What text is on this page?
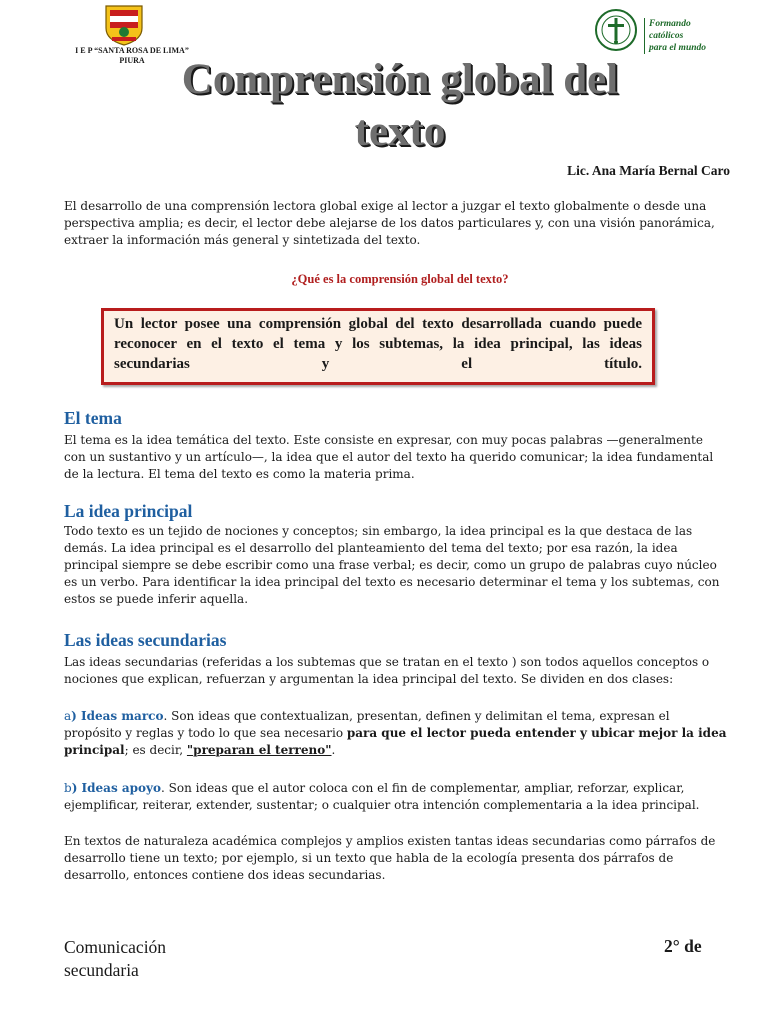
I E P “SANTA ROSA DE LIMA”
PIURA
Formando
católicos
para el mundo
Comprensión global del
texto
Lic. Ana María Bernal Caro

El desarrollo de una comprensión lectora global exige al lector a juzgar el texto globalmente o desde una perspectiva amplia; es decir, el lector debe alejarse de los datos particulares y, con una visión panorámica, extraer la información más general y sintetizada del texto.

¿Qué es la comprensión global del texto?

Un lector posee una comprensión global del texto desarrollada cuando puede reconocer en el texto el tema y los subtemas, la idea principal, las ideas secundarias y el título.

El tema

El tema es la idea temática del texto. Este consiste en expresar, con muy pocas palabras —generalmente con un sustantivo y un artículo—, la idea que el autor del texto ha querido comunicar; la idea fundamental de la lectura. El tema del texto es como la materia prima.

La idea principal

Todo texto es un tejido de nociones y conceptos; sin embargo, la idea principal es la que destaca de las demás. La idea principal es el desarrollo del planteamiento del tema del texto; por esa razón, la idea principal siempre se debe escribir como una frase verbal; es decir, como un grupo de palabras cuyo núcleo es un verbo. Para identificar la idea principal del texto es necesario determinar el tema y los subtemas, con estos se puede inferir aquella.

Las ideas secundarias

Las ideas secundarias (referidas a los subtemas que se tratan en el texto ) son todos aquellos conceptos o nociones que explican, refuerzan y argumentan la idea principal del texto. Se dividen en dos clases:

a) Ideas marco. Son ideas que contextualizan, presentan, definen y delimitan el tema, expresan el propósito y reglas y todo lo que sea necesario para que el lector pueda entender y ubicar mejor la idea principal; es decir, "preparan el terreno".

b) Ideas apoyo. Son ideas que el autor coloca con el fin de complementar, ampliar, reforzar, explicar, ejemplificar, reiterar, extender, sustentar; o cualquier otra intención complementaria a la idea principal.

En textos de naturaleza académica complejos y amplios existen tantas ideas secundarias como párrafos de desarrollo tiene un texto; por ejemplo, si un texto que habla de la ecología presenta dos párrafos de desarrollo, entonces contiene dos ideas secundarias.

Comunicación
secundaria
2° de
